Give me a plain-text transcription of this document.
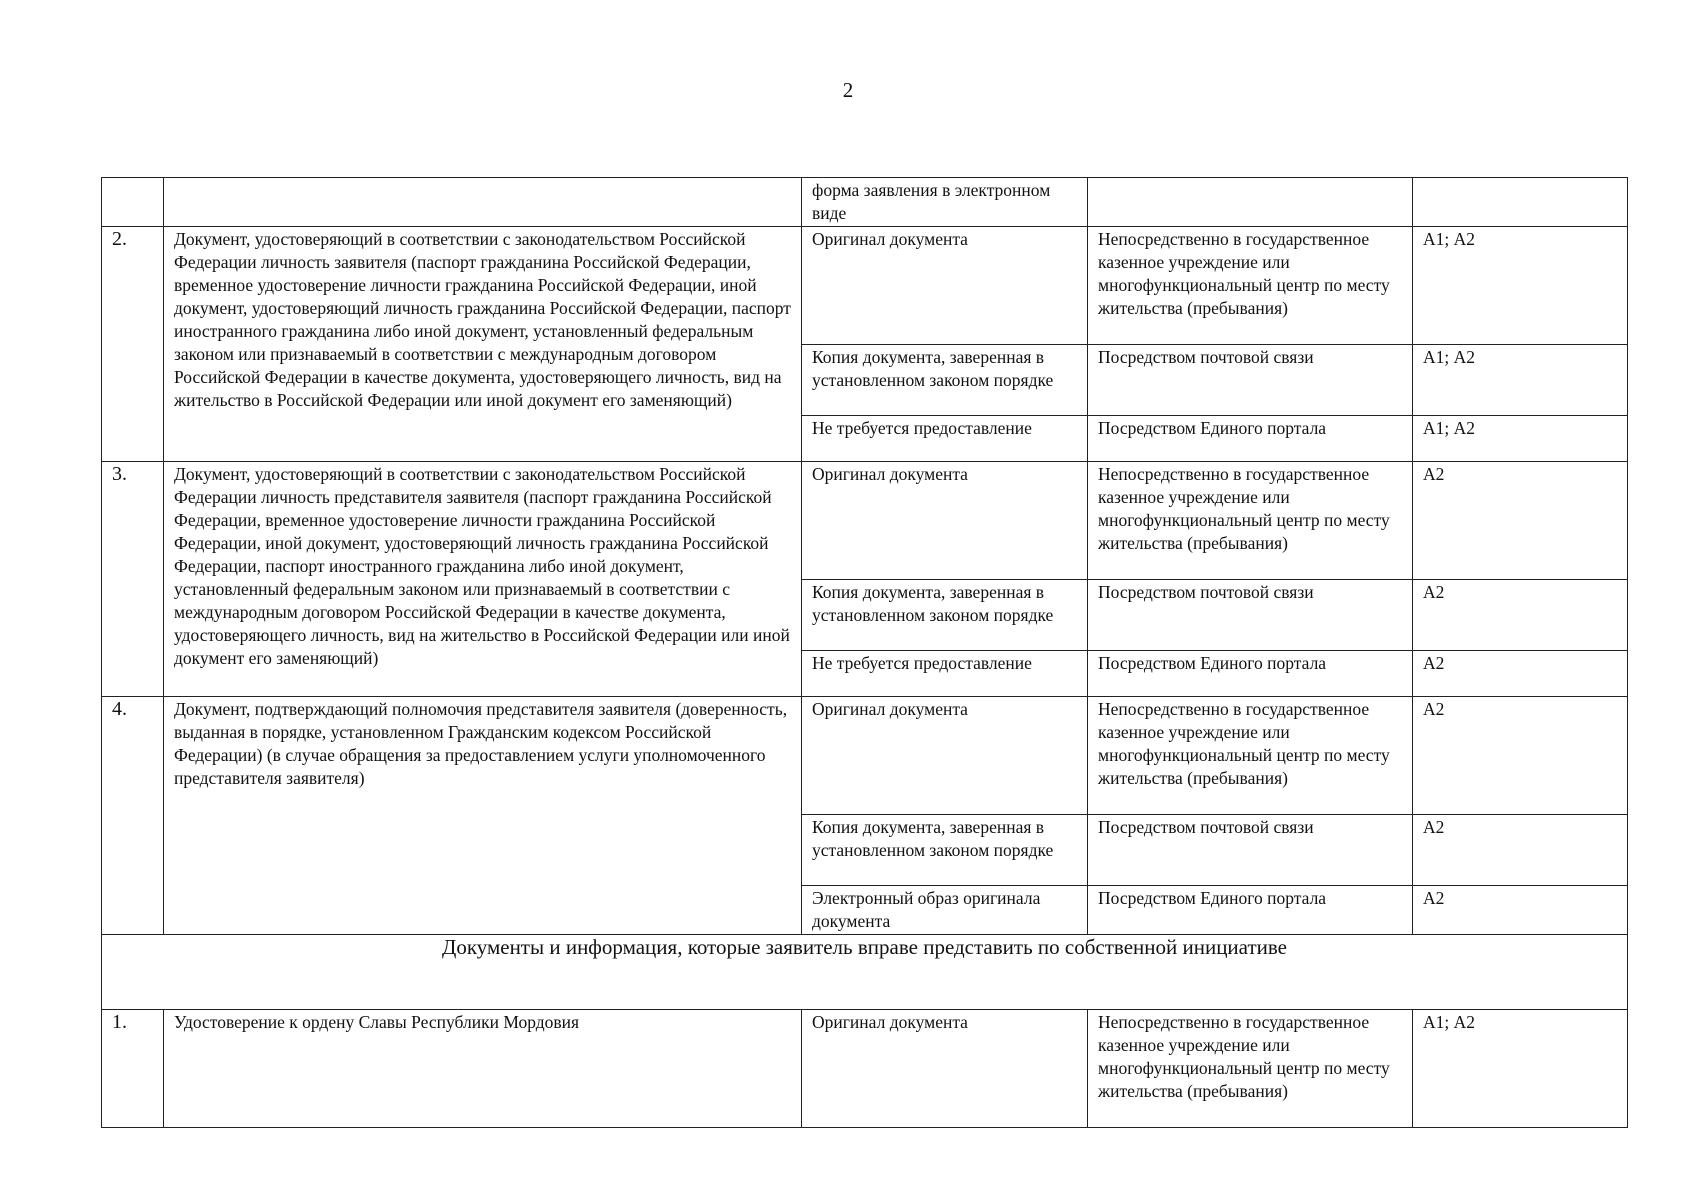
2
		форма заявления в электронном виде		
2.	Документ, удостоверяющий в соответствии с законодательством Российской Федерации личность заявителя (паспорт гражданина Российской Федерации, временное удостоверение личности гражданина Российской Федерации, иной документ, удостоверяющий личность гражданина Российской Федерации, паспорт иностранного гражданина либо иной документ, установленный федеральным законом или признаваемый в соответствии с международным договором Российской Федерации в качестве документа, удостоверяющего личность, вид на жительство в Российской Федерации или иной документ его заменяющий)	Оригинал документа	Непосредственно в государственное казенное учреждение или многофункциональный центр по месту жительства (пребывания)	А1; А2
		Копия документа, заверенная в установленном законом порядке	Посредством почтовой связи	А1; А2
		Не требуется предоставление	Посредством Единого портала	А1; А2
3.	Документ, удостоверяющий в соответствии с законодательством Российской Федерации личность представителя заявителя (паспорт гражданина Российской Федерации, временное удостоверение личности гражданина Российской Федерации, иной документ, удостоверяющий личность гражданина Российской Федерации, паспорт иностранного гражданина либо иной документ, установленный федеральным законом или признаваемый в соответствии с международным договором Российской Федерации в качестве документа, удостоверяющего личность, вид на жительство в Российской Федерации или иной документ его заменяющий)	Оригинал документа	Непосредственно в государственное казенное учреждение или многофункциональный центр по месту жительства (пребывания)	А2
		Копия документа, заверенная в установленном законом порядке	Посредством почтовой связи	А2
		Не требуется предоставление	Посредством Единого портала	А2
4.	Документ, подтверждающий полномочия представителя заявителя (доверенность, выданная в порядке, установленном Гражданским кодексом Российской Федерации) (в случае обращения за предоставлением услуги уполномоченного представителя заявителя)	Оригинал документа	Непосредственно в государственное казенное учреждение или многофункциональный центр по месту жительства (пребывания)	А2
		Копия документа, заверенная в установленном законом порядке	Посредством почтовой связи	А2
		Электронный образ оригинала документа	Посредством Единого портала	А2
Документы и информация, которые заявитель вправе представить по собственной инициативе				
1.	Удостоверение к ордену Славы Республики Мордовия	Оригинал документа	Непосредственно в государственное казенное учреждение или многофункциональный центр по месту жительства (пребывания)	А1; А2
